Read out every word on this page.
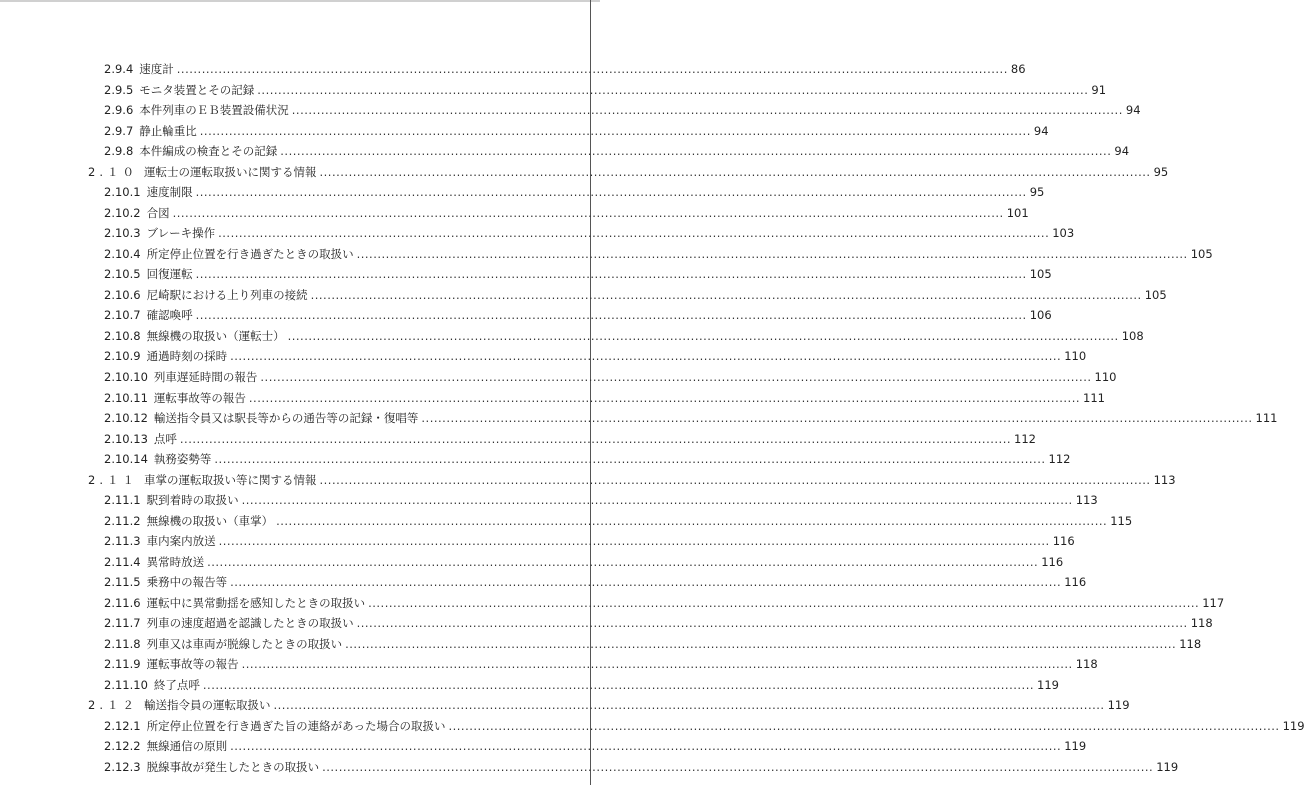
2.9.4 速度計 ........................................................................................................................................................................................................ 86
2.9.5 モニタ装置とその記録 ........................................................................................................................................................................................................ 91
2.9.6 本件列車のＥＢ装置設備状況 ........................................................................................................................................................................................................ 94
2.9.7 静止輪重比 ........................................................................................................................................................................................................ 94
2.9.8 本件編成の検査とその記録 ........................................................................................................................................................................................................ 94
2.１０ 運転士の運転取扱いに関する情報 ........................................................................................................................................................................................................ 95
2.10.1 速度制限 ........................................................................................................................................................................................................ 95
2.10.2 合図 ........................................................................................................................................................................................................ 101
2.10.3 ブレーキ操作 ........................................................................................................................................................................................................ 103
2.10.4 所定停止位置を行き過ぎたときの取扱い ........................................................................................................................................................................................................ 105
2.10.5 回復運転 ........................................................................................................................................................................................................ 105
2.10.6 尼崎駅における上り列車の接続 ........................................................................................................................................................................................................ 105
2.10.7 確認喚呼 ........................................................................................................................................................................................................ 106
2.10.8 無線機の取扱い（運転士） ........................................................................................................................................................................................................ 108
2.10.9 通過時刻の採時 ........................................................................................................................................................................................................ 110
2.10.10 列車遅延時間の報告 ........................................................................................................................................................................................................ 110
2.10.11 運転事故等の報告 ........................................................................................................................................................................................................ 111
2.10.12 輸送指令員又は駅長等からの通告等の記録・復唱等 ........................................................................................................................................................................................................ 111
2.10.13 点呼 ........................................................................................................................................................................................................ 112
2.10.14 執務姿勢等 ........................................................................................................................................................................................................ 112
2.１１ 車掌の運転取扱い等に関する情報 ........................................................................................................................................................................................................ 113
2.11.1 駅到着時の取扱い ........................................................................................................................................................................................................ 113
2.11.2 無線機の取扱い（車掌） ........................................................................................................................................................................................................ 115
2.11.3 車内案内放送 ........................................................................................................................................................................................................ 116
2.11.4 異常時放送 ........................................................................................................................................................................................................ 116
2.11.5 乗務中の報告等 ........................................................................................................................................................................................................ 116
2.11.6 運転中に異常動揺を感知したときの取扱い ........................................................................................................................................................................................................ 117
2.11.7 列車の速度超過を認識したときの取扱い ........................................................................................................................................................................................................ 118
2.11.8 列車又は車両が脱線したときの取扱い ........................................................................................................................................................................................................ 118
2.11.9 運転事故等の報告 ........................................................................................................................................................................................................ 118
2.11.10 終了点呼 ........................................................................................................................................................................................................ 119
2.１２ 輸送指令員の運転取扱い ........................................................................................................................................................................................................ 119
2.12.1 所定停止位置を行き過ぎた旨の連絡があった場合の取扱い ........................................................................................................................................................................................................ 119
2.12.2 無線通信の原則 ........................................................................................................................................................................................................ 119
2.12.3 脱線事故が発生したときの取扱い ........................................................................................................................................................................................................ 119
